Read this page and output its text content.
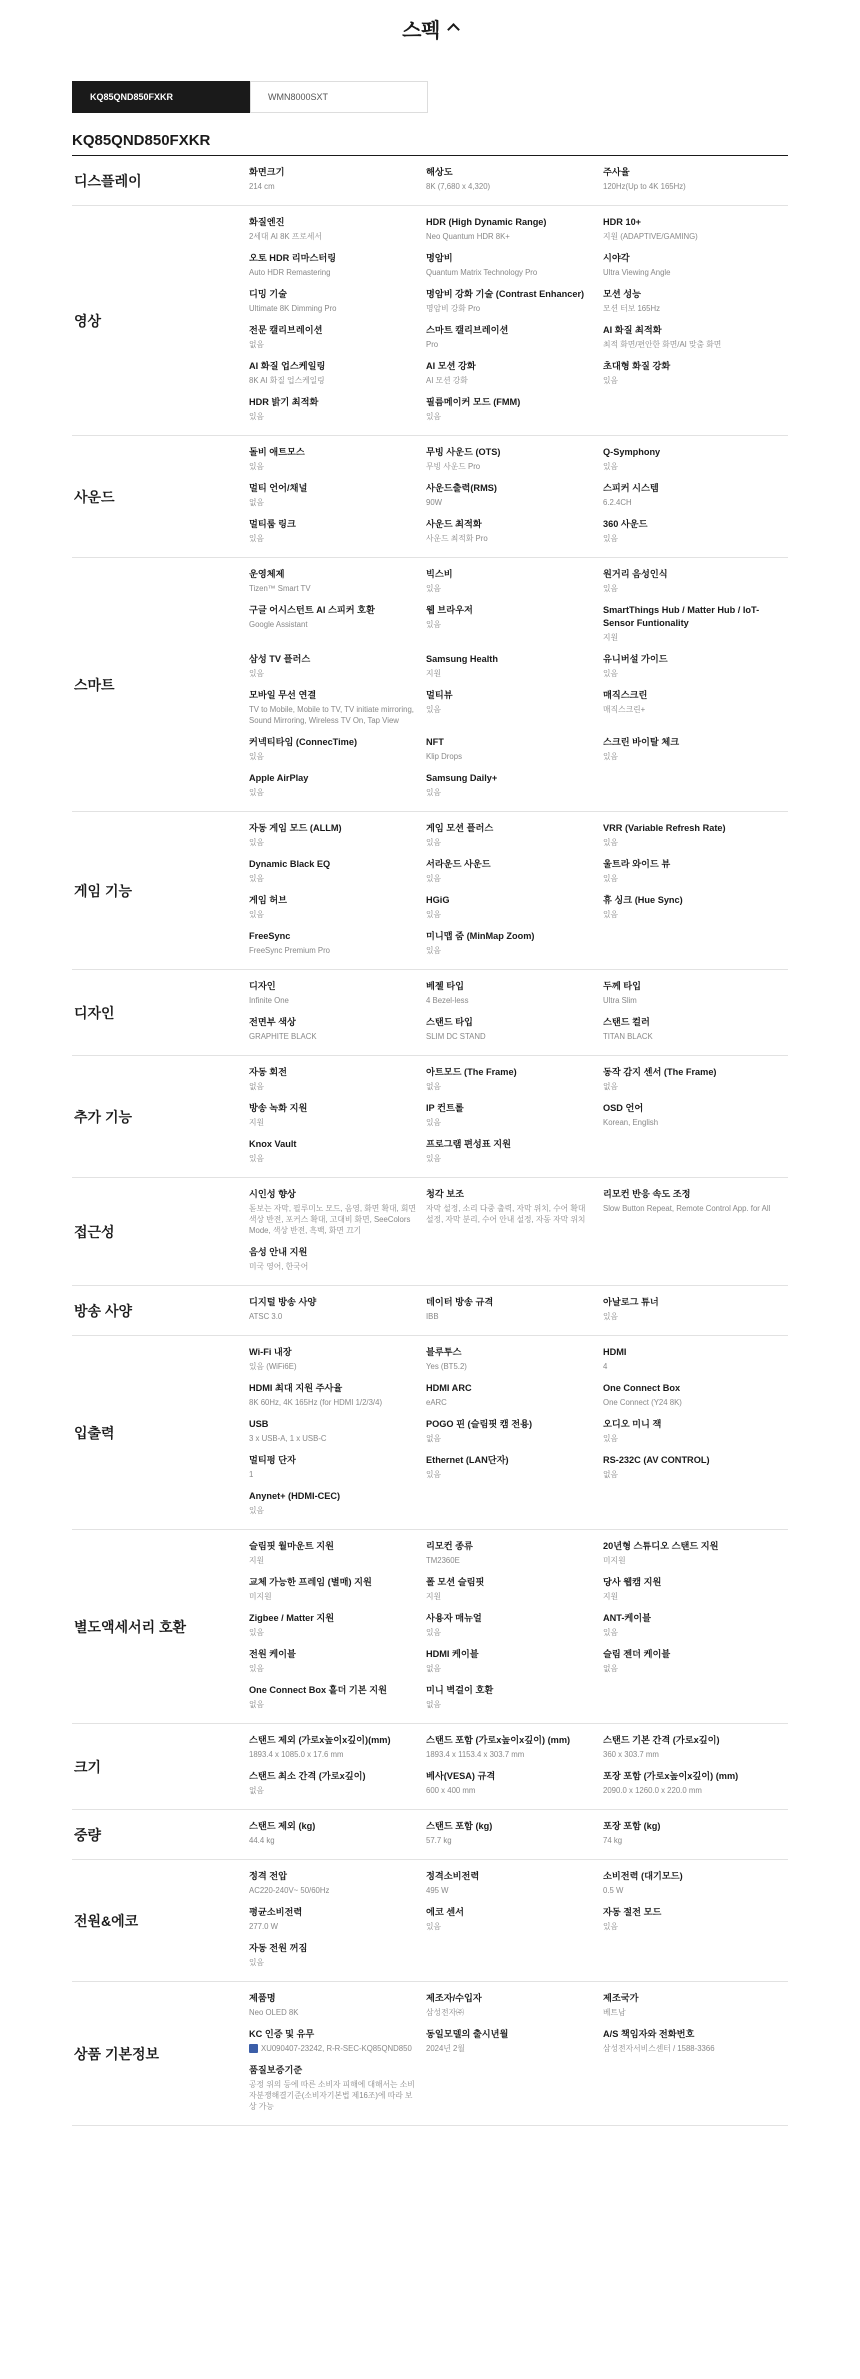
스펙
KQ85QND850FXKR	WMN8000SXT
KQ85QND850FXKR
디스플레이
화면크기
214 cm
해상도
8K (7,680 x 4,320)
주사율
120Hz(Up to 4K 165Hz)
영상
화질엔진
2세대 AI 8K 프로세서
HDR (High Dynamic Range)
Neo Quantum HDR 8K+
HDR 10+
지원 (ADAPTIVE/GAMING)
오토 HDR 리마스터링
Auto HDR Remastering
명암비
Quantum Matrix Technology Pro
시야각
Ultra Viewing Angle
디밍 기술
Ultimate 8K Dimming Pro
명암비 강화 기술 (Contrast Enhancer)
명암비 강화 Pro
모션 성능
모션 터보 165Hz
전문 캘리브레이션
없음
스마트 캘리브레이션
Pro
AI 화질 최적화
최적 화면/편안한 화면/AI 맞춤 화면
AI 화질 업스케일링
8K AI 화질 업스케일링
AI 모션 강화
AI 모션 강화
초대형 화질 강화
있음
HDR 밝기 최적화
있음
필름메이커 모드 (FMM)
있음
사운드
돌비 애트모스
있음
무빙 사운드 (OTS)
무빙 사운드 Pro
Q-Symphony
있음
멀티 언어/채널
없음
사운드출력(RMS)
90W
스피커 시스템
6.2.4CH
멀티룸 링크
있음
사운드 최적화
사운드 최적화 Pro
360 사운드
있음
스마트
운영체제
Tizen™ Smart TV
빅스비
있음
원거리 음성인식
있음
구글 어시스턴트 AI 스피커 호환
Google Assistant
웹 브라우저
있음
SmartThings Hub / Matter Hub / IoT-Sensor Funtionality
지원
삼성 TV 플러스
있음
Samsung Health
지원
유니버설 가이드
있음
모바일 무선 연결
TV to Mobile, Mobile to TV, TV initiate mirroring, Sound Mirroring, Wireless TV On, Tap View
멀티뷰
있음
매직스크린
매직스크린+
커넥티타임 (ConnecTime)
있음
NFT
Klip Drops
스크린 바이탈 체크
있음
Apple AirPlay
있음
Samsung Daily+
있음
게임 기능
자동 게임 모드 (ALLM)
있음
게임 모션 플러스
있음
VRR (Variable Refresh Rate)
있음
Dynamic Black EQ
있음
서라운드 사운드
있음
울트라 와이드 뷰
있음
게임 허브
있음
HGiG
있음
휴 싱크 (Hue Sync)
있음
FreeSync
FreeSync Premium Pro
미니맵 줌 (MinMap Zoom)
있음
디자인
디자인
Infinite One
베젤 타입
4 Bezel-less
두께 타입
Ultra Slim
전면부 색상
GRAPHITE BLACK
스탠드 타입
SLIM DC STAND
스탠드 컬러
TITAN BLACK
추가 기능
자동 회전
없음
아트모드 (The Frame)
없음
동작 감지 센서 (The Frame)
없음
방송 녹화 지원
지원
IP 컨트롤
있음
OSD 언어
Korean, English
Knox Vault
있음
프로그램 편성표 지원
있음
접근성
시인성 향상
돋보는 자막, 필루미노 모드, 음영, 화면 확대, 회면색상 반전, 포커스 확대, 고대비 화면, SeeColors Mode, 색상 반전, 흑백, 화면 끄기
청각 보조
자막 설정, 소리 다중 출력, 자막 위치, 수어 확대 설정, 자막 분리, 수어 안내 설정, 자동 자막 위치
리모컨 반응 속도 조정
Slow Button Repeat, Remote Control App. for All
음성 안내 지원
미국 영어, 한국어
방송 사양
디지털 방송 사양
ATSC 3.0
데이터 방송 규격
IBB
아날로그 튜너
있음
입출력
Wi-Fi 내장
있음 (WiFi6E)
블루투스
Yes (BT5.2)
HDMI
4
HDMI 최대 지원 주사율
8K 60Hz, 4K 165Hz (for HDMI 1/2/3/4)
HDMI ARC
eARC
One Connect Box
One Connect (Y24 8K)
USB
3 x USB-A, 1 x USB-C
POGO 핀 (슬림핏 캠 전용)
없음
오디오 미니 잭
있음
멀티펑 단자
1
Ethernet (LAN단자)
있음
RS-232C (AV CONTROL)
없음
Anynet+ (HDMI-CEC)
있음
별도액세서리 호환
슬림핏 월마운트 지원
지원
리모컨 종류
TM2360E
20년형 스튜디오 스탠드 지원
미지원
교체 가능한 프레임 (별매) 지원
미지원
폴 모션 슬림핏
지원
당사 웹캠 지원
지원
Zigbee / Matter 지원
있음
사용자 매뉴얼
있음
ANT-케이블
있음
전원 케이블
있음
HDMI 케이블
없음
슬림 젠더 케이블
없음
One Connect Box 홀더 기본 지원
없음
미니 벽걸이 호환
없음
크기
스탠드 제외 (가로x높이x깊이)(mm)
1893.4 x 1085.0 x 17.6 mm
스탠드 포함 (가로x높이x깊이) (mm)
1893.4 x 1153.4 x 303.7 mm
스탠드 기본 간격 (가로x깊이)
360 x 303.7 mm
스탠드 최소 간격 (가로x깊이)
없음
베사(VESA) 규격
600 x 400 mm
포장 포함 (가로x높이x깊이) (mm)
2090.0 x 1260.0 x 220.0 mm
중량
스탠드 제외 (kg)
44.4 kg
스탠드 포함 (kg)
57.7 kg
포장 포함 (kg)
74 kg
전원&에코
정격 전압
AC220-240V~ 50/60Hz
정격소비전력
495 W
소비전력 (대기모드)
0.5 W
평균소비전력
277.0 W
에코 센서
있음
자동 절전 모드
있음
자동 전원 꺼짐
있음
상품 기본정보
제품명
Neo OLED 8K
제조자/수입자
삼성전자㈜
제조국가
베트남
KC 인증 및 유무
XU090407-23242, R-R-SEC-KQ85QND850
동일모델의 출시년월
2024년 2월
A/S 책임자와 전화번호
삼성전자서비스센터 / 1588-3366
품질보증기준
공정 위의 등에 따른 소비자 피해에 대해서는 소비자분쟁해결기준(소비자기본법 제16조)에 따라 보상 가능
